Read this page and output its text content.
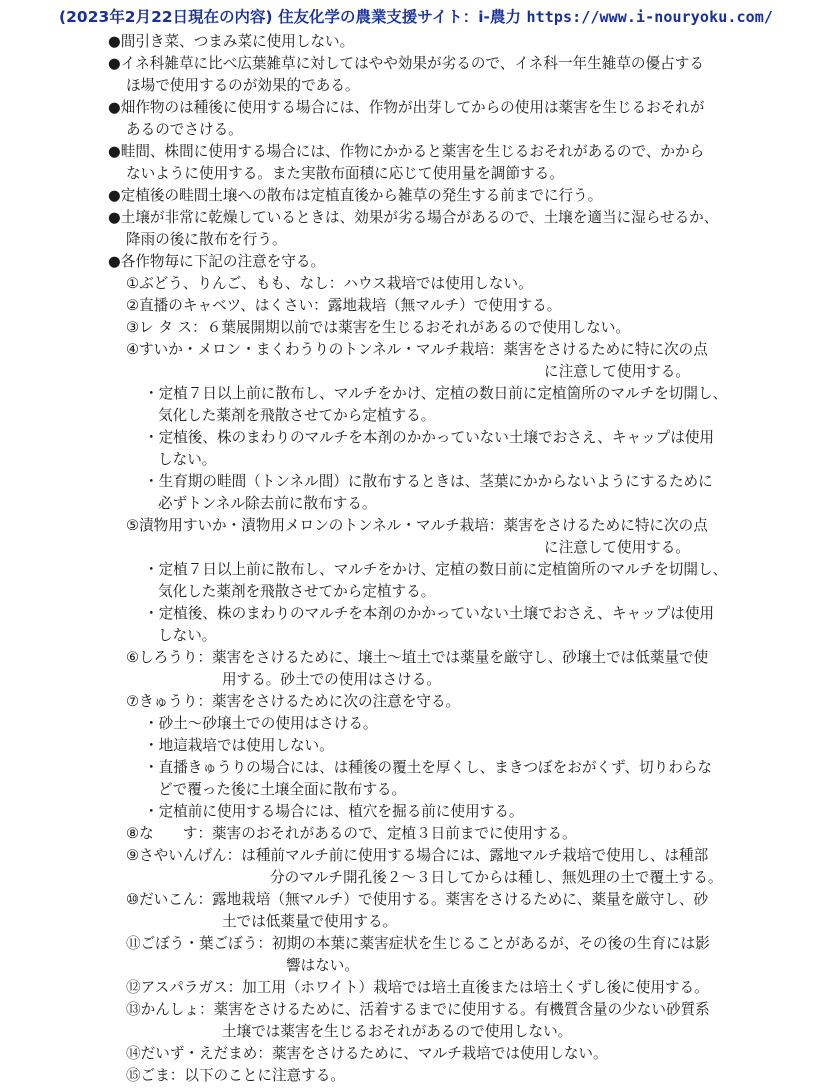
(2023年2月22日現在の内容) 住友化学の農業支援サイト：i-農力 https://www.i-nouryoku.com/
●間引き菜、つまみ菜に使用しない。
●イネ科雑草に比べ広葉雑草に対してはやや効果が劣るので、イネ科一年生雑草の優占する
ほ場で使用するのが効果的である。
●畑作物のは種後に使用する場合には、作物が出芽してからの使用は薬害を生じるおそれが
あるのでさける。
●畦間、株間に使用する場合には、作物にかかると薬害を生じるおそれがあるので、かから
ないように使用する。また実散布面積に応じて使用量を調節する。
●定植後の畦間土壌への散布は定植直後から雑草の発生する前までに行う。
●土壌が非常に乾燥しているときは、効果が劣る場合があるので、土壌を適当に湿らせるか、
降雨の後に散布を行う。
●各作物毎に下記の注意を守る。
①ぶどう、りんご、もも、なし：ハウス栽培では使用しない。
②直播のキャベツ、はくさい：露地栽培（無マルチ）で使用する。
③レ タ ス：６葉展開期以前では薬害を生じるおそれがあるので使用しない。
④すいか・メロン・まくわうりのトンネル・マルチ栽培：薬害をさけるために特に次の点
に注意して使用する。
・定植７日以上前に散布し、マルチをかけ、定植の数日前に定植箇所のマルチを切開し、
気化した薬剤を飛散させてから定植する。
・定植後、株のまわりのマルチを本剤のかかっていない土壌でおさえ、キャップは使用
しない。
・生育期の畦間（トンネル間）に散布するときは、茎葉にかからないようにするために
必ずトンネル除去前に散布する。
⑤漬物用すいか・漬物用メロンのトンネル・マルチ栽培：薬害をさけるために特に次の点
に注意して使用する。
・定植７日以上前に散布し、マルチをかけ、定植の数日前に定植箇所のマルチを切開し、
気化した薬剤を飛散させてから定植する。
・定植後、株のまわりのマルチを本剤のかかっていない土壌でおさえ、キャップは使用
しない。
⑥しろうり：薬害をさけるために、壌土～埴土では薬量を厳守し、砂壌土では低薬量で使
用する。砂土での使用はさける。
⑦きゅうり：薬害をさけるために次の注意を守る。
・砂土～砂壌土での使用はさける。
・地這栽培では使用しない。
・直播きゅうりの場合には、は種後の覆土を厚くし、まきつぼをおがくず、切りわらな
どで覆った後に土壌全面に散布する。
・定植前に使用する場合には、植穴を掘る前に使用する。
⑧な　　す：薬害のおそれがあるので、定植３日前までに使用する。
⑨さやいんげん：は種前マルチ前に使用する場合には、露地マルチ栽培で使用し、は種部
分のマルチ開孔後２～３日してからは種し、無処理の土で覆土する。
⑩だいこん：露地栽培（無マルチ）で使用する。薬害をさけるために、薬量を厳守し、砂
土では低薬量で使用する。
⑪ごぼう・葉ごぼう：初期の本葉に薬害症状を生じることがあるが、その後の生育には影
響はない。
⑫アスパラガス：加工用（ホワイト）栽培では培土直後または培土くずし後に使用する。
⑬かんしょ：薬害をさけるために、活着するまでに使用する。有機質含量の少ない砂質系
土壌では薬害を生じるおそれがあるので使用しない。
⑭だいず・えだまめ：薬害をさけるために、マルチ栽培では使用しない。
⑮ごま：以下のことに注意する。
